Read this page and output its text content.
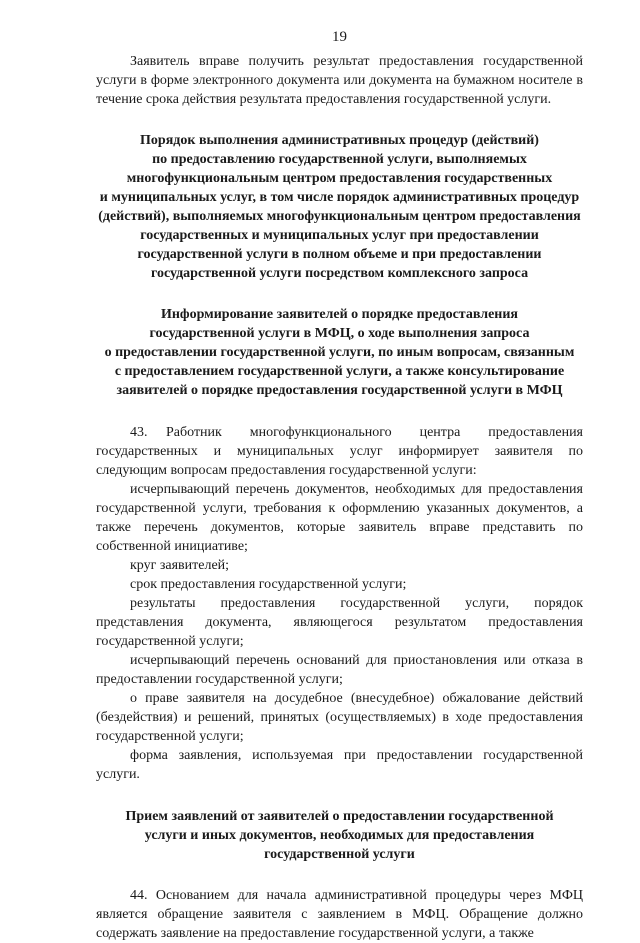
19

Заявитель вправе получить результат предоставления государственной услуги в форме электронного документа или документа на бумажном носителе в течение срока действия результата предоставления государственной услуги.

Порядок выполнения административных процедур (действий)
по предоставлению государственной услуги, выполняемых
многофункциональным центром предоставления государственных
и муниципальных услуг, в том числе порядок административных процедур
(действий), выполняемых многофункциональным центром предоставления
государственных и муниципальных услуг при предоставлении
государственной услуги в полном объеме и при предоставлении
государственной услуги посредством комплексного запроса
Информирование заявителей о порядке предоставления
государственной услуги в МФЦ, о ходе выполнения запроса
о предоставлении государственной услуги, по иным вопросам, связанным
с предоставлением государственной услуги, а также консультирование
заявителей о порядке предоставления государственной услуги в МФЦ

43. Работник многофункционального центра предоставления государственных и муниципальных услуг информирует заявителя по следующим вопросам предоставления государственной услуги:

исчерпывающий перечень документов, необходимых для предоставления государственной услуги, требования к оформлению указанных документов, а также перечень документов, которые заявитель вправе представить по собственной инициативе;

круг заявителей;

срок предоставления государственной услуги;

результаты предоставления государственной услуги, порядок представления документа, являющегося результатом предоставления государственной услуги;

исчерпывающий перечень оснований для приостановления или отказа в предоставлении государственной услуги;

о праве заявителя на досудебное (внесудебное) обжалование действий (бездействия) и решений, принятых (осуществляемых) в ходе предоставления государственной услуги;

форма заявления, используемая при предоставлении государственной услуги.

Прием заявлений от заявителей о предоставлении государственной
услуги и иных документов, необходимых для предоставления
государственной услуги

44. Основанием для начала административной процедуры через МФЦ является обращение заявителя с заявлением в МФЦ. Обращение должно содержать заявление на предоставление государственной услуги, а также
